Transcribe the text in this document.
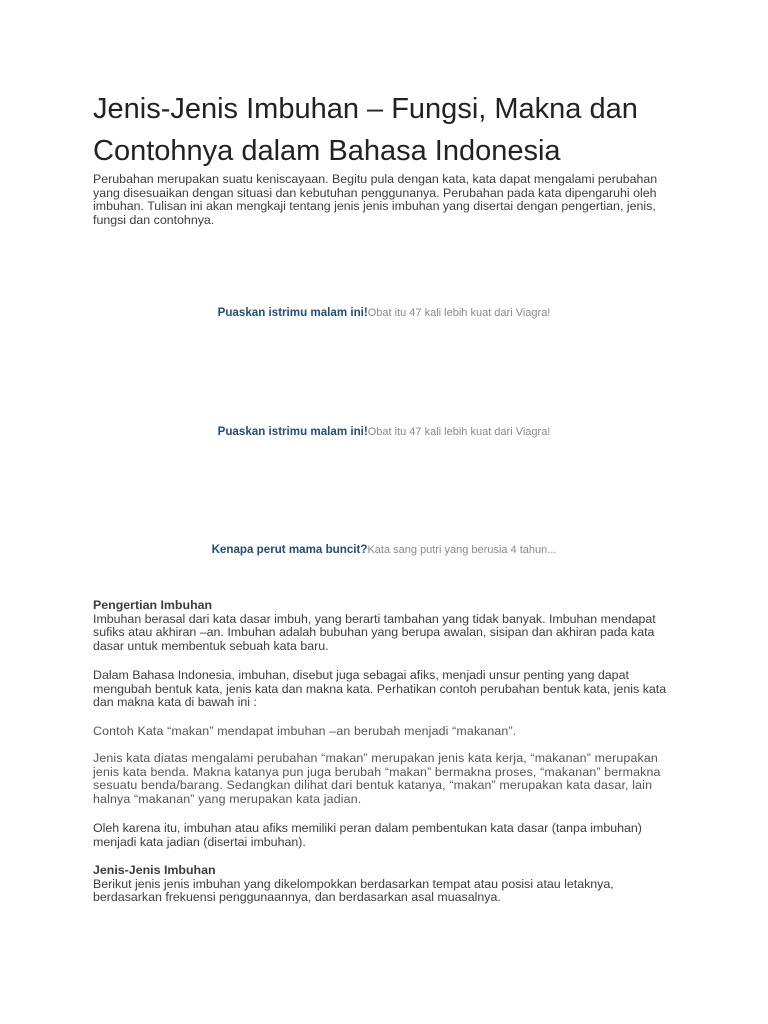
Jenis-Jenis Imbuhan – Fungsi, Makna dan Contohnya dalam Bahasa Indonesia

Perubahan merupakan suatu keniscayaan. Begitu pula dengan kata, kata dapat mengalami perubahan yang disesuaikan dengan situasi dan kebutuhan penggunanya. Perubahan pada kata dipengaruhi oleh imbuhan. Tulisan ini akan mengkaji tentang jenis jenis imbuhan yang disertai dengan pengertian, jenis, fungsi dan contohnya.

Puaskan istrimu malam ini!Obat itu 47 kali lebih kuat dari Viagra!
Puaskan istrimu malam ini!Obat itu 47 kali lebih kuat dari Viagra!
Kenapa perut mama buncit?Kata sang putri yang berusia 4 tahun...
Pengertian Imbuhan
Imbuhan berasal dari kata dasar imbuh, yang berarti tambahan yang tidak banyak. Imbuhan mendapat sufiks atau akhiran –an. Imbuhan adalah bubuhan yang berupa awalan, sisipan dan akhiran pada kata dasar untuk membentuk sebuah kata baru.

Dalam Bahasa Indonesia, imbuhan, disebut juga sebagai afiks, menjadi unsur penting yang dapat mengubah bentuk kata, jenis kata dan makna kata. Perhatikan contoh perubahan bentuk kata, jenis kata dan makna kata di bawah ini :

Contoh Kata “makan” mendapat imbuhan –an berubah menjadi “makanan”.

Jenis kata diatas mengalami perubahan “makan” merupakan jenis kata kerja, “makanan” merupakan jenis kata benda. Makna katanya pun juga berubah “makan” bermakna proses, “makanan” bermakna sesuatu benda/barang. Sedangkan dilihat dari bentuk katanya, “makan” merupakan kata dasar, lain halnya “makanan” yang merupakan kata jadian.

Oleh karena itu, imbuhan atau afiks memiliki peran dalam pembentukan kata dasar (tanpa imbuhan) menjadi kata jadian (disertai imbuhan).

Jenis-Jenis Imbuhan
Berikut jenis jenis imbuhan yang dikelompokkan berdasarkan tempat atau posisi atau letaknya, berdasarkan frekuensi penggunaannya, dan berdasarkan asal muasalnya.
